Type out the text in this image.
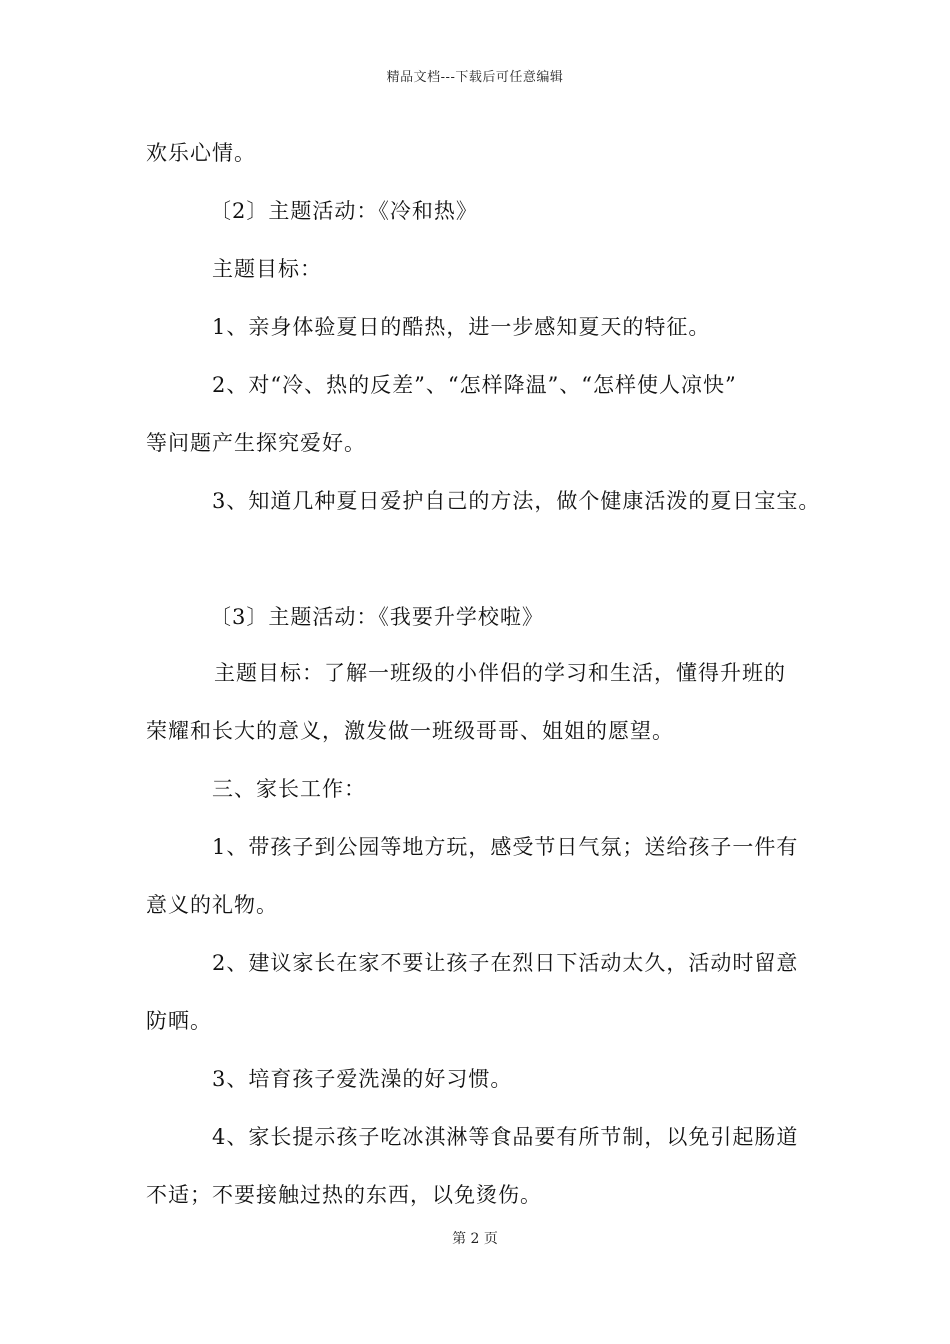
精品文档---下载后可任意编辑
欢乐心情。
〔2〕主题活动：《冷和热》
主题目标：
1、亲身体验夏日的酷热，进一步感知夏天的特征。
2、对“冷、热的反差”、“怎样降温”、“怎样使人凉快”
等问题产生探究爱好。
3、知道几种夏日爱护自己的方法，做个健康活泼的夏日宝宝。
〔3〕主题活动：《我要升学校啦》
主题目标：了解一班级的小伴侣的学习和生活，懂得升班的
荣耀和长大的意义，激发做一班级哥哥、姐姐的愿望。
三、家长工作：
1、带孩子到公园等地方玩，感受节日气氛；送给孩子一件有
意义的礼物。
2、建议家长在家不要让孩子在烈日下活动太久，活动时留意
防晒。
3、培育孩子爱洗澡的好习惯。
4、家长提示孩子吃冰淇淋等食品要有所节制，以免引起肠道
不适；不要接触过热的东西，以免烫伤。
第 2 页
